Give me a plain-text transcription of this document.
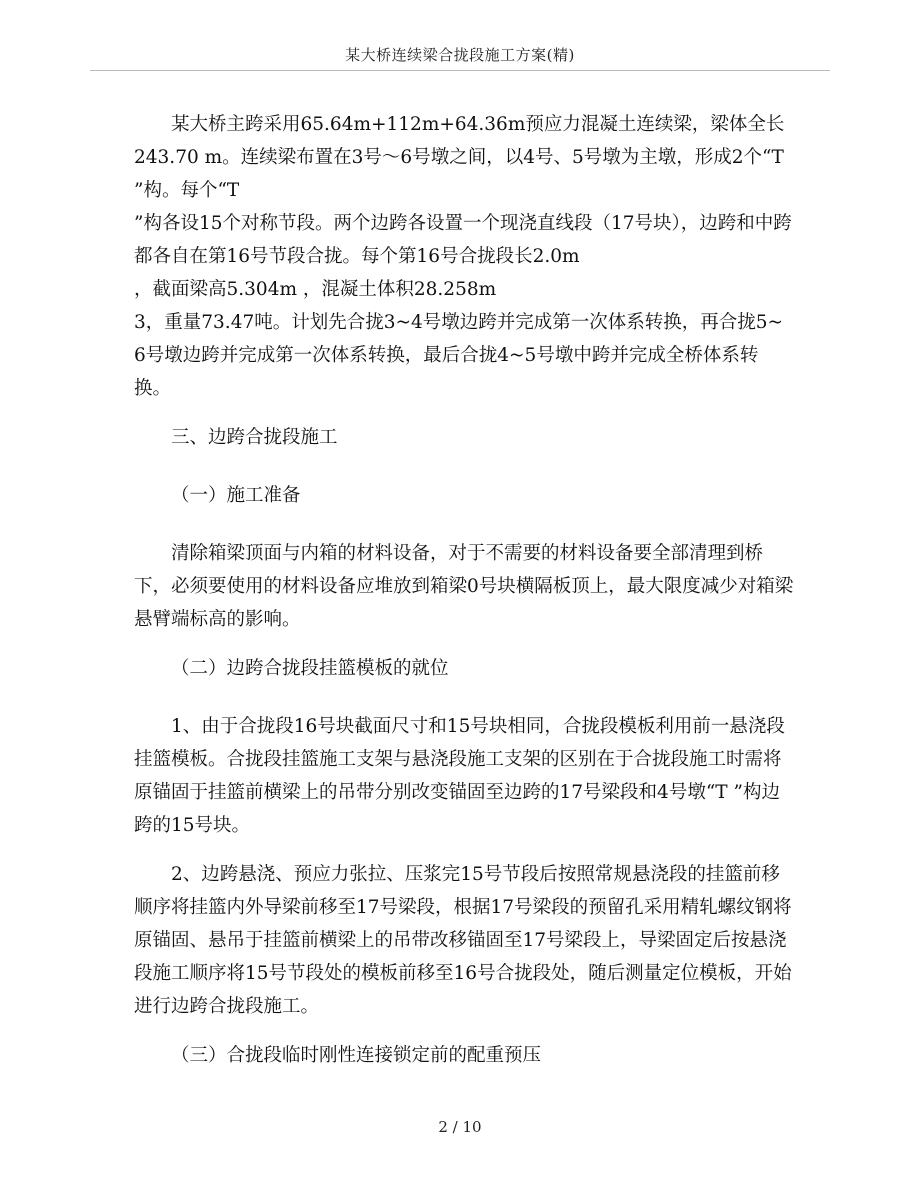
某大桥连续梁合拢段施工方案(精)

某大桥主跨采用65.64m+112m+64.36m预应力混凝土连续梁，梁体全长243.70 m。连续梁布置在3号～6号墩之间，以4号、5号墩为主墩，形成2个“T
”构。每个“T
”构各设15个对称节段。两个边跨各设置一个现浇直线段（17号块），边跨和中跨都各自在第16号节段合拢。每个第16号合拢段长2.0m
，截面梁高5.304m ，混凝土体积28.258m
3，重量73.47吨。计划先合拢3~4号墩边跨并完成第一次体系转换，再合拢5~6号墩边跨并完成第一次体系转换，最后合拢4~5号墩中跨并完成全桥体系转换。

三、边跨合拢段施工
（一）施工准备

清除箱梁顶面与内箱的材料设备，对于不需要的材料设备要全部清理到桥下，必须要使用的材料设备应堆放到箱梁0号块横隔板顶上，最大限度减少对箱梁悬臂端标高的影响。

（二）边跨合拢段挂篮模板的就位

1、由于合拢段16号块截面尺寸和15号块相同，合拢段模板利用前一悬浇段挂篮模板。合拢段挂篮施工支架与悬浇段施工支架的区别在于合拢段施工时需将原锚固于挂篮前横梁上的吊带分别改变锚固至边跨的17号梁段和4号墩“T ”构边跨的15号块。

2、边跨悬浇、预应力张拉、压浆完15号节段后按照常规悬浇段的挂篮前移顺序将挂篮内外导梁前移至17号梁段，根据17号梁段的预留孔采用精轧螺纹钢将原锚固、悬吊于挂篮前横梁上的吊带改移锚固至17号梁段上，导梁固定后按悬浇段施工顺序将15号节段处的模板前移至16号合拢段处，随后测量定位模板，开始进行边跨合拢段施工。

（三）合拢段临时刚性连接锁定前的配重预压
2 / 10
